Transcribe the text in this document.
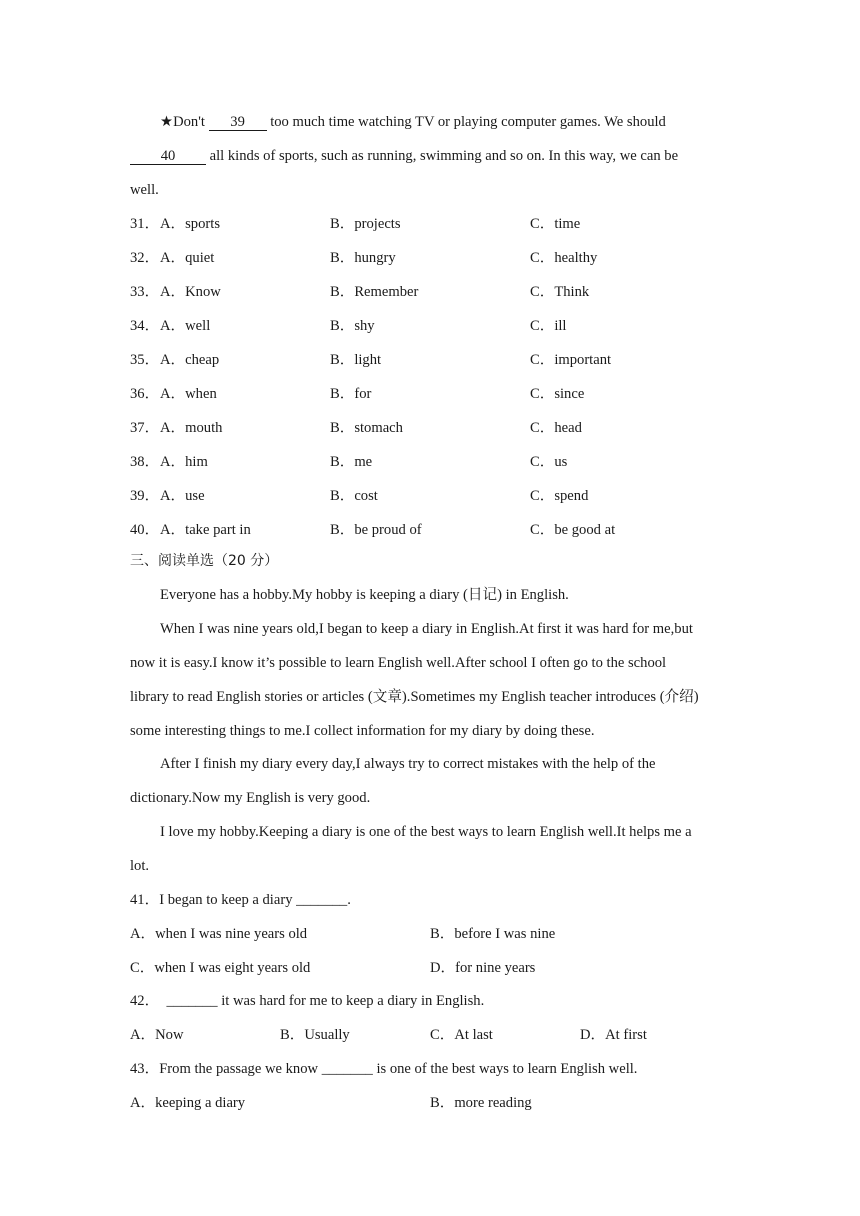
★Don't 39 too much time watching TV or playing computer games. We should
40 all kinds of sports, such as running, swimming and so on. In this way, we can be
well.
31． A．sports	B．projects	C．time
32． A．quiet	B．hungry	C．healthy
33． A．Know	B．Remember	C．Think
34． A．well	B．shy	C．ill
35． A．cheap	B．light	C．important
36． A．when	B．for	C．since
37． A．mouth	B．stomach	C．head
38． A．him	B．me	C．us
39． A．use	B．cost	C．spend
40． A．take part in	B．be proud of	C．be good at
三、阅读单选（20 分）
Everyone has a hobby.My hobby is keeping a diary (日记) in English.
When I was nine years old,I began to keep a diary in English.At first it was hard for me,but
now it is easy.I know it’s possible to learn English well.After school I often go to the school
library to read English stories or articles (文章).Sometimes my English teacher introduces (介绍)
some interesting things to me.I collect information for my diary by doing these.
After I finish my diary every day,I always try to correct mistakes with the help of the
dictionary.Now my English is very good.
I love my hobby.Keeping a diary is one of the best ways to learn English well.It helps me a
lot.
41．I began to keep a diary _______.
A．when I was nine years old	B．before I was nine
C．when I was eight years old	D．for nine years
42．  _______ it was hard for me to keep a diary in English.
A．Now	B．Usually	C．At last	D．At first
43．From the passage we know _______ is one of the best ways to learn English well.
A．keeping a diary	B．more reading
